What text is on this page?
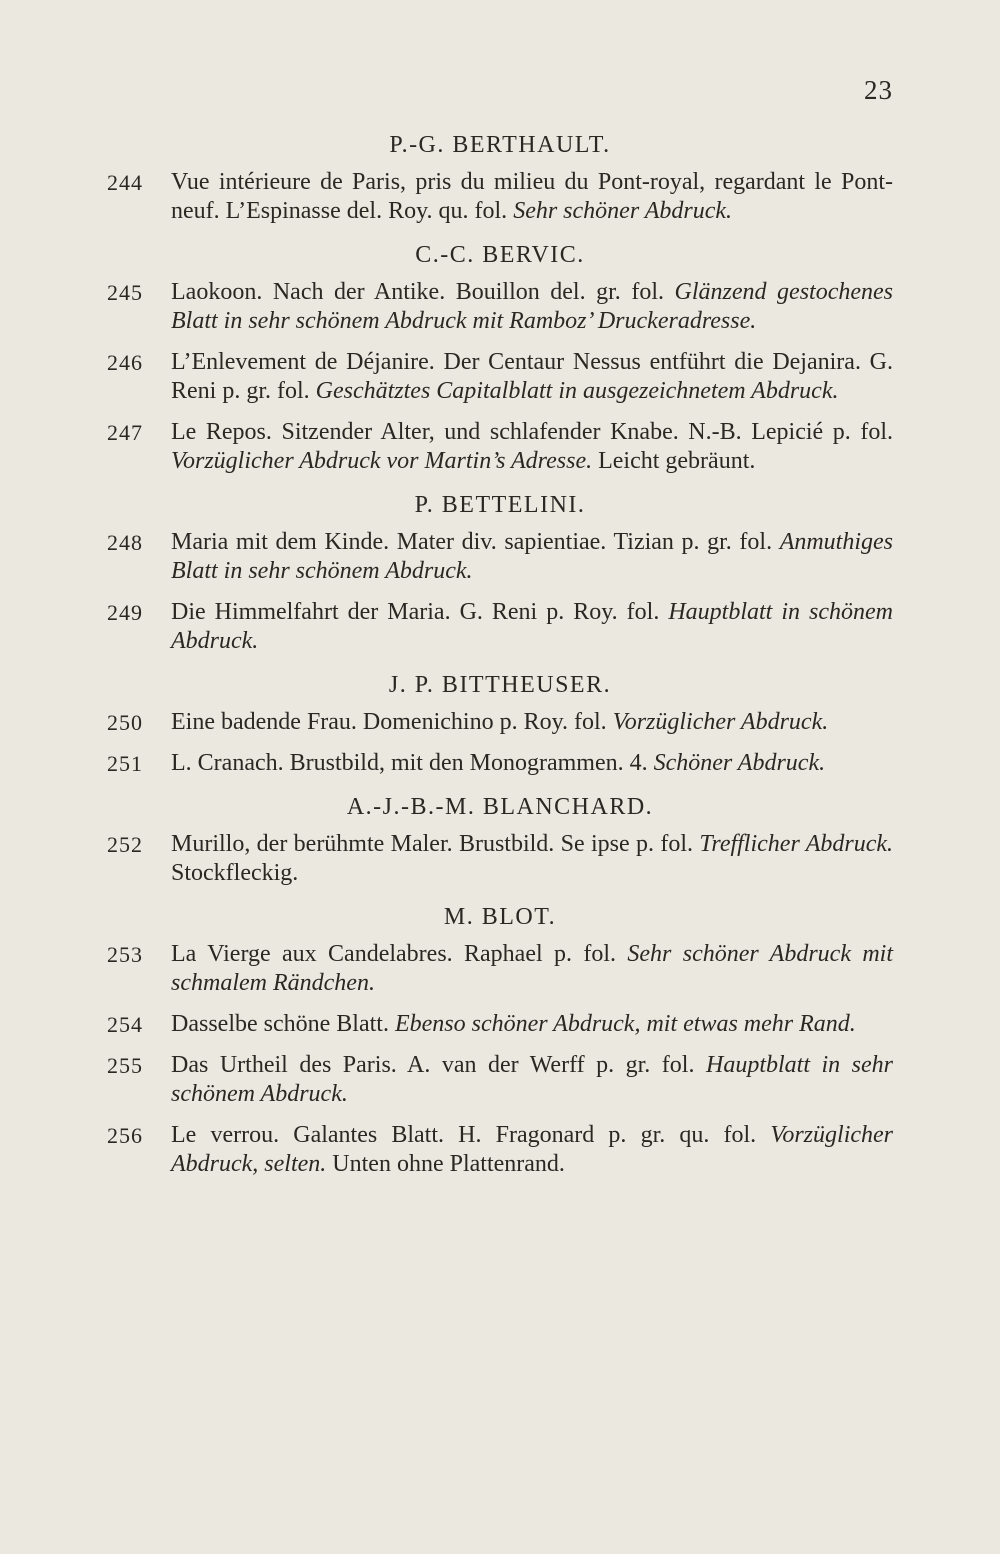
23
P.-G. BERTHAULT.
244	Vue intérieure de Paris, pris du milieu du Pont-royal, regardant le Pont-neuf. L’Espinasse del. Roy. qu. fol. Sehr schöner Abdruck.
C.-C. BERVIC.
245	Laokoon. Nach der Antike. Bouillon del. gr. fol. Glänzend gestochenes Blatt in sehr schönem Abdruck mit Ramboz’ Druckeradresse.
246	L’Enlevement de Déjanire. Der Centaur Nessus entführt die Dejanira. G. Reni p. gr. fol. Geschätztes Capitalblatt in ausgezeichnetem Abdruck.
247	Le Repos. Sitzender Alter, und schlafender Knabe. N.-B. Lepicié p. fol. Vorzüglicher Abdruck vor Martin’s Adresse. Leicht gebräunt.
P. BETTELINI.
248	Maria mit dem Kinde. Mater div. sapientiae. Tizian p. gr. fol. Anmuthiges Blatt in sehr schönem Abdruck.
249	Die Himmelfahrt der Maria. G. Reni p. Roy. fol. Hauptblatt in schönem Abdruck.
J. P. BITTHEUSER.
250	Eine badende Frau. Domenichino p. Roy. fol. Vorzüglicher Abdruck.
251	L. Cranach. Brustbild, mit den Monogrammen. 4. Schöner Abdruck.
A.-J.-B.-M. BLANCHARD.
252	Murillo, der berühmte Maler. Brustbild. Se ipse p. fol. Trefflicher Abdruck. Stockfleckig.
M. BLOT.
253	La Vierge aux Candelabres. Raphael p. fol. Sehr schöner Abdruck mit schmalem Rändchen.
254	Dasselbe schöne Blatt. Ebenso schöner Abdruck, mit etwas mehr Rand.
255	Das Urtheil des Paris. A. van der Werff p. gr. fol. Hauptblatt in sehr schönem Abdruck.
256	Le verrou. Galantes Blatt. H. Fragonard p. gr. qu. fol. Vorzüglicher Abdruck, selten. Unten ohne Plattenrand.
